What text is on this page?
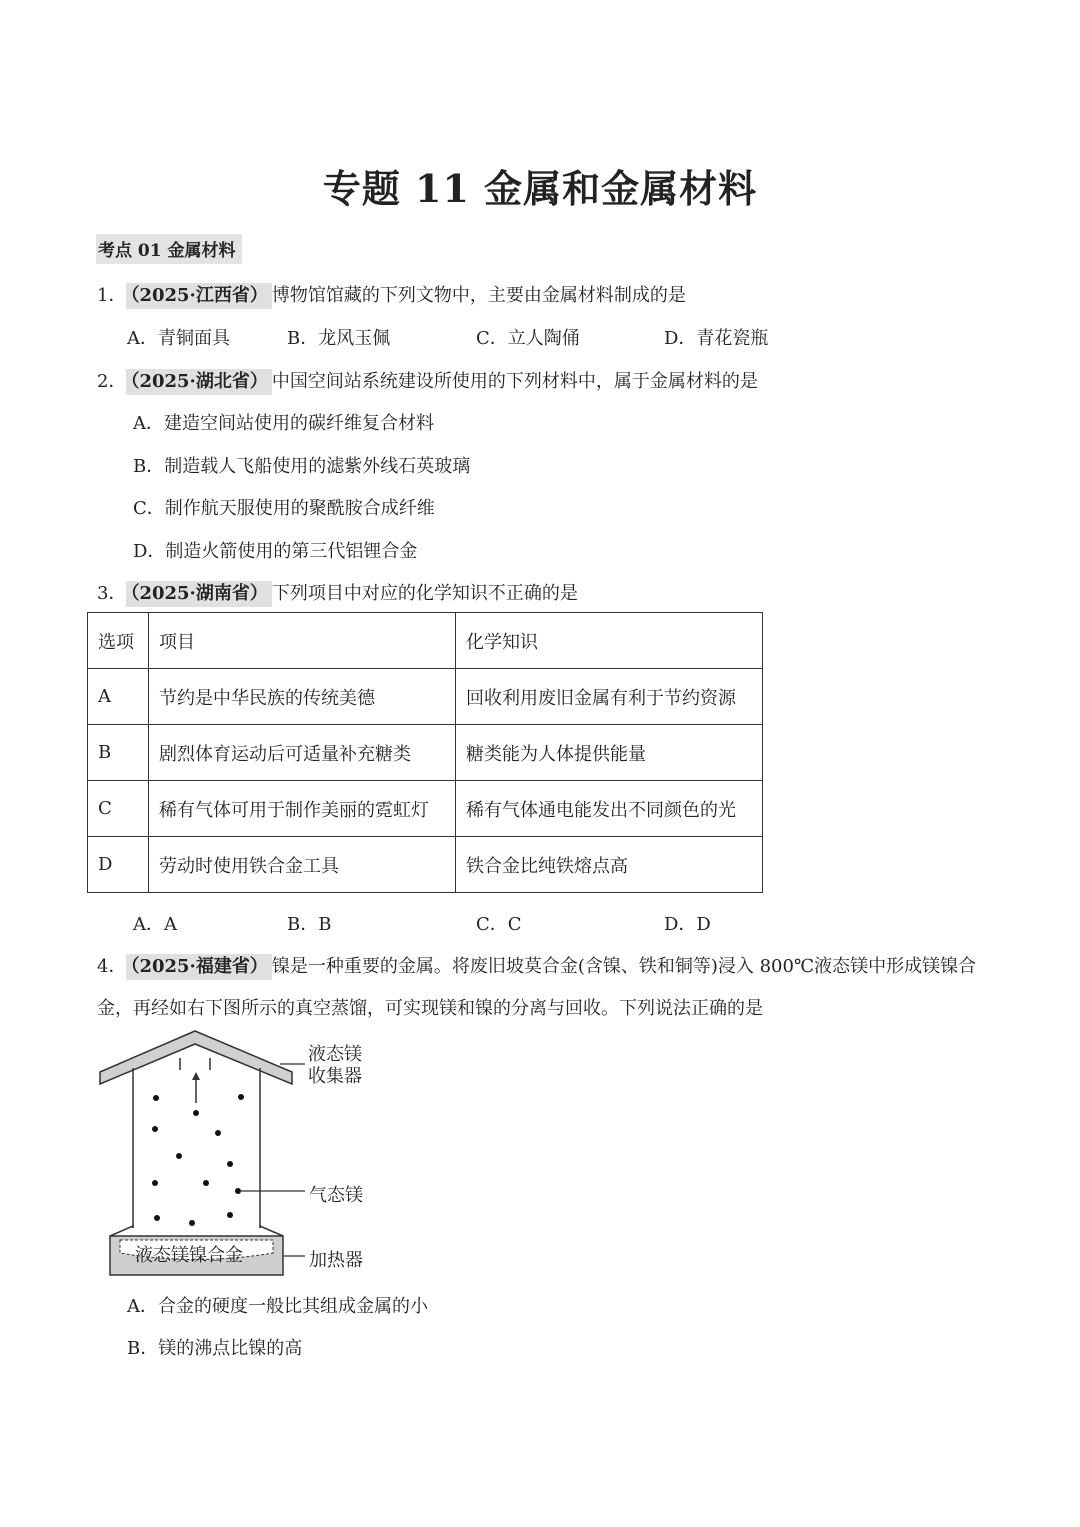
专题 11 金属和金属材料
考点 01 金属材料
1． （2025·江西省） 博物馆馆藏的下列文物中，主要由金属材料制成的是
A．青铜面具	B．龙风玉佩	C．立人陶俑	D．青花瓷瓶
2． （2025·湖北省） 中国空间站系统建设所使用的下列材料中，属于金属材料的是
A．建造空间站使用的碳纤维复合材料
B．制造载人飞船使用的滤紫外线石英玻璃
C．制作航天服使用的聚酰胺合成纤维
D．制造火箭使用的第三代铝锂合金
3． （2025·湖南省） 下列项目中对应的化学知识不正确的是
选项	项目	化学知识
A	节约是中华民族的传统美德	回收利用废旧金属有利于节约资源
B	剧烈体育运动后可适量补充糖类	糖类能为人体提供能量
C	稀有气体可用于制作美丽的霓虹灯	稀有气体通电能发出不同颜色的光
D	劳动时使用铁合金工具	铁合金比纯铁熔点高
A．A	B．B	C．C	D．D
4． （2025·福建省） 镍是一种重要的金属。将废旧坡莫合金(含镍、铁和铜等)浸入 800℃液态镁中形成镁镍合
金，再经如右下图所示的真空蒸馏，可实现镁和镍的分离与回收。下列说法正确的是
液态镁
收集器
气态镁
加热器
液态镁镍合金
A．合金的硬度一般比其组成金属的小
B．镁的沸点比镍的高
